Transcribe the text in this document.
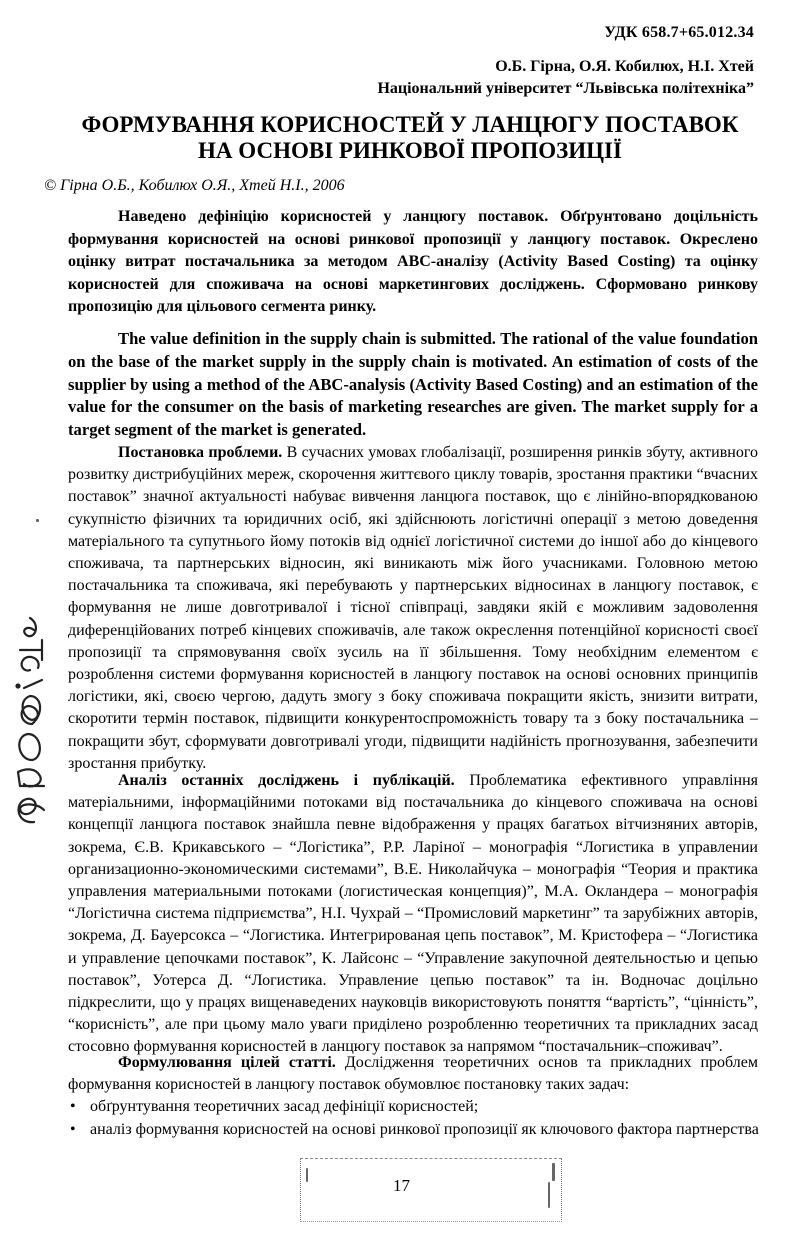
УДК 658.7+65.012.34
О.Б. Гірна, О.Я. Кобилюх, Н.І. Хтей
Національний університет “Львівська політехніка”
ФОРМУВАННЯ КОРИСНОСТЕЙ У ЛАНЦЮГУ ПОСТАВОК
НА ОСНОВІ РИНКОВОЇ ПРОПОЗИЦІЇ
© Гірна О.Б., Кобилюх О.Я., Хтей Н.І., 2006

Наведено дефініцію корисностей у ланцюгу поставок. Обґрунтовано доцільність формування корисностей на основі ринкової пропозиції у ланцюгу поставок. Окреслено оцінку витрат постачальника за методом АВС-аналізу (Activity Based Costing) та оцінку корисностей для споживача на основі маркетингових досліджень. Сформовано ринкову пропозицію для цільового сегмента ринку.

The value definition in the supply chain is submitted. The rational of the value foundation on the base of the market supply in the supply chain is motivated. An estimation of costs of the supplier by using a method of the ABC-analysis (Activity Based Costing) and an estimation of the value for the consumer on the basis of marketing researches are given. The market supply for a target segment of the market is generated.

Постановка проблеми. В сучасних умовах глобалізації, розширення ринків збуту, активного розвитку дистрибуційних мереж, скорочення життєвого циклу товарів, зростання практики “вчасних поставок” значної актуальності набуває вивчення ланцюга поставок, що є лінійно-впорядкованою сукупністю фізичних та юридичних осіб, які здійснюють логістичні операції з метою доведення матеріального та супутнього йому потоків від однієї логістичної системи до іншої або до кінцевого споживача, та партнерських відносин, які виникають між його учасниками. Головною метою постачальника та споживача, які перебувають у партнерських відносинах в ланцюгу поставок, є формування не лише довготривалої і тісної співпраці, завдяки якій є можливим задоволення диференційованих потреб кінцевих споживачів, але також окреслення потенційної корисності своєї пропозиції та спрямовування своїх зусиль на її збільшення. Тому необхідним елементом є розроблення системи формування корисностей в ланцюгу поставок на основі основних принципів логістики, які, своєю чергою, дадуть змогу з боку споживача покращити якість, знизити витрати, скоротити термін поставок, підвищити конкурентоспроможність товару та з боку постачальника – покращити збут, сформувати довготривалі угоди, підвищити надійність прогнозування, забезпечити зростання прибутку.

Аналіз останніх досліджень і публікацій. Проблематика ефективного управління матеріальними, інформаційними потоками від постачальника до кінцевого споживача на основі концепції ланцюга поставок знайшла певне відображення у працях багатьох вітчизняних авторів, зокрема, Є.В. Крикавського – “Логістика”, Р.Р. Ларіної – монографія “Логистика в управлении организационно-экономическими системами”, В.Е. Николайчука – монографія “Теория и практика управления материальными потоками (логистическая концепция)”, М.А. Окландера – монографія “Логістична система підприємства”, Н.І. Чухрай – “Промисловий маркетинг” та зарубіжних авторів, зокрема, Д. Бауерсокса – “Логистика. Интегрированая цепь поставок”, М. Кристофера – “Логистика и управление цепочками поставок”, К. Лайсонс – “Управление закупочной деятельностью и цепью поставок”, Уотерса Д. “Логистика. Управление цепью поставок” та ін. Водночас доцільно підкреслити, що у працях вищенаведених науковців використовують поняття “вартість”, “цінність”, “корисність”, але при цьому мало уваги приділено розробленню теоретичних та прикладних засад стосовно формування корисностей в ланцюгу поставок за напрямом “постачальник–споживач”.

Формулювання цілей статті. Дослідження теоретичних основ та прикладних проблем формування корисностей в ланцюгу поставок обумовлює постановку таких задач:

• обґрунтування теоретичних засад дефініції корисностей;
• аналіз формування корисностей на основі ринкової пропозиції як ключового фактора партнерства
17
